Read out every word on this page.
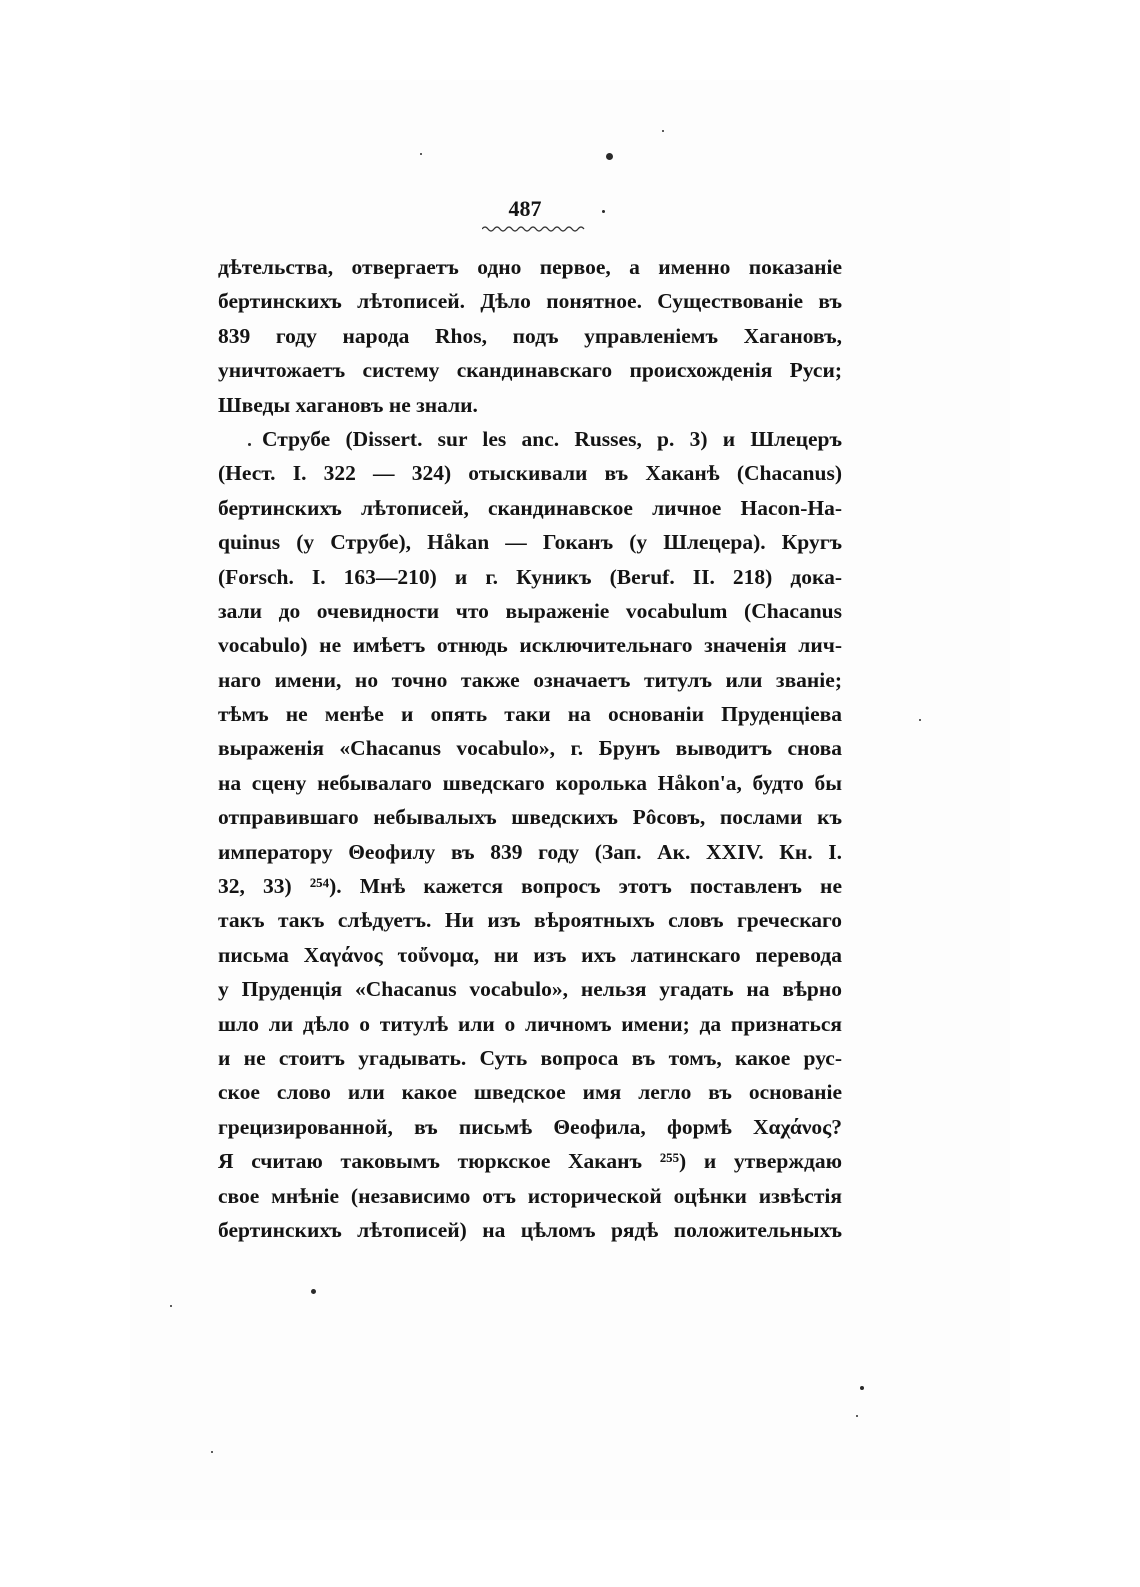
487
дѣтельства, отвергаетъ одно первое, а именно показанiе
бертинскихъ лѣтописей. Дѣло понятное. Существованiе въ
839 году народа Rhos, подъ управленiемъ Хагановъ,
уничтожаетъ систему скандинавскаго происхожденiя Руси;
Шведы хагановъ не знали.
Струбе (Dissert. sur les anc. Russes, p. 3) и Шлецеръ
(Нест. I. 322 — 324) отыскивали въ Хаканѣ (Chacanus)
бертинскихъ лѣтописей, скандинавское личное Hacon-Ha-
quinus (у Струбе), Håkan — Гоканъ (у Шлецера). Кругъ
(Forsch. I. 163—210) и г. Куникъ (Beruf. II. 218) дока-
зали до очевидности что выраженiе vocabulum (Chacanus
vocabulo) не имѣетъ отнюдь исключительнаго значенiя лич-
наго имени, но точно также означаетъ титулъ или званiе;
тѣмъ не менѣе и опять таки на основанiи Пруденцiева
выраженiя «Chacanus vocabulo», г. Брунъ выводитъ снова
на сцену небывалаго шведскаго королька Håkon'а, будто бы
отправившаго небывалыхъ шведскихъ Рôсовъ, послами къ
императору Θеофилу въ 839 году (Зап. Ак. XXIV. Кн. I.
32, 33) ²⁵⁴). Мнѣ кажется вопросъ этотъ поставленъ не
такъ такъ слѣдуетъ. Ни изъ вѣроятныхъ словъ греческаго
письма Χαγάνος τοὔνομα, ни изъ ихъ латинскаго перевода
у Пруденцiя «Chacanus vocabulo», нельзя угадать на вѣрно
шло ли дѣло о титулѣ или о личномъ имени; да признаться
и не стоитъ угадывать. Суть вопроса въ томъ, какое рус-
ское слово или какое шведское имя легло въ основанiе
грецизированной, въ письмѣ Θеофила, формѣ Χαχάνος?
Я считаю таковымъ тюркское Хаканъ ²⁵⁵) и утверждаю
свое мнѣнiе (независимо отъ исторической оцѣнки извѣстiя
бертинскихъ лѣтописей) на цѣломъ рядѣ положительныхъ
